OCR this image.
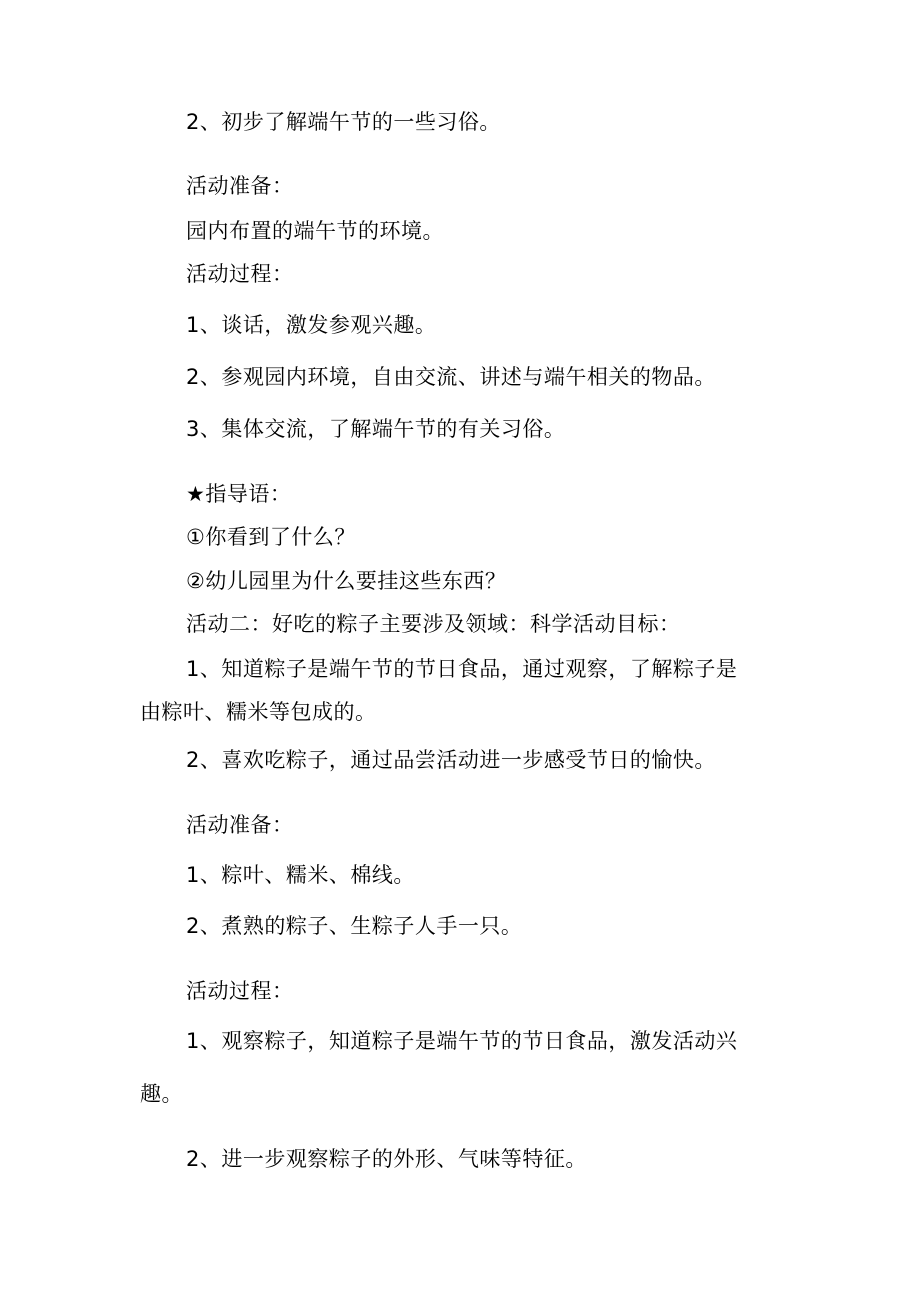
2、初步了解端午节的一些习俗。
活动准备：
园内布置的端午节的环境。
活动过程：
1、谈话，激发参观兴趣。
2、参观园内环境，自由交流、讲述与端午相关的物品。
3、集体交流，了解端午节的有关习俗。
★指导语：
①你看到了什么？
②幼儿园里为什么要挂这些东西？
活动二：好吃的粽子主要涉及领域：科学活动目标：
1、知道粽子是端午节的节日食品，通过观察，了解粽子是
由粽叶、糯米等包成的。
2、喜欢吃粽子，通过品尝活动进一步感受节日的愉快。
活动准备：
1、粽叶、糯米、棉线。
2、煮熟的粽子、生粽子人手一只。
活动过程：
1、观察粽子，知道粽子是端午节的节日食品，激发活动兴
趣。
2、进一步观察粽子的外形、气味等特征。
